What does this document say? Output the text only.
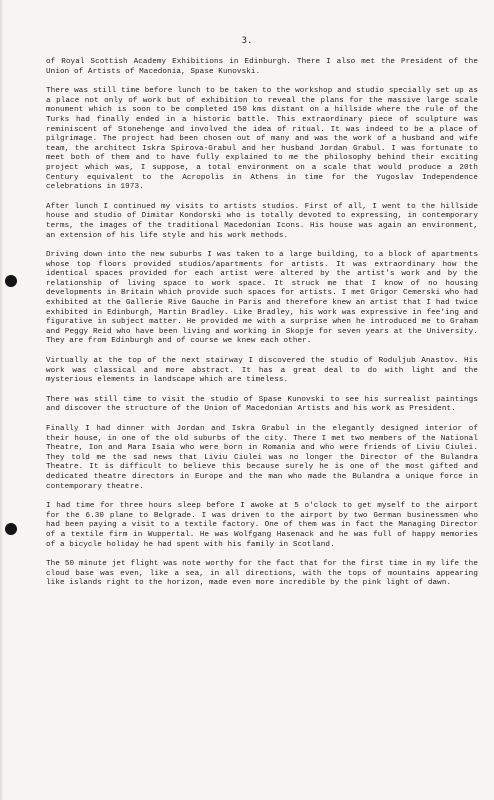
3.

of Royal Scottish Academy Exhibitions in Edinburgh. There I also met the President of the Union of Artists of Macedonia, Spase Kunovski.

There was still time before lunch to be taken to the workshop and studio specially set up as a place not only of work but of exhibition to reveal the plans for the massive large scale monument which is soon to be completed 150 kms distant on a hillside where the rule of the Turks had finally ended in a historic battle. This extraordinary piece of sculpture was reminiscent of Stonehenge and involved the idea of ritual. It was indeed to be a place of pilgrimage. The project had been chosen out of many and was the work of a husband and wife team, the architect Iskra Spirova-Grabul and her husband Jordan Grabul. I was fortunate to meet both of them and to have fully explained to me the philosophy behind their exciting project which was, I suppose, a total environment on a scale that would produce a 20th Century equivalent to the Acropolis in Athens in time for the Yugoslav Independence celebrations in 1973.

After lunch I continued my visits to artists studios. First of all, I went to the hillside house and studio of Dimitar Kondorski who is totally devoted to expressing, in contemporary terms, the images of the traditional Macedonian Icons. His house was again an environment, an extension of his life style and his work methods.

Driving down into the new suburbs I was taken to a large building, to a block of apartments whose top floors provided studios/apartments for artists. It was extraordinary how the identical spaces provided for each artist were altered by the artist's work and by the relationship of living space to work space. It struck me that I know of no housing developments in Britain which provide such spaces for artists. I met Grigor Cemerski who had exhibited at the Gallerie Rive Gauche in Paris and therefore knew an artist that I had twice exhibited in Edinburgh, Martin Bradley. Like Bradley, his work was expressive in fee'ing and figurative in subject matter. He provided me with a surprise when he introduced me to Graham and Peggy Reid who have been living and working in Skopje for seven years at the University. They are from Edinburgh and of course we knew each other.

Virtually at the top of the next stairway I discovered the studio of Roduljub Anastov. His work was classical and more abstract. It has a great deal to do with light and the mysterious elements in landscape which are timeless.

There was still time to visit the studio of Spase Kunovski to see his surrealist paintings and discover the structure of the Union of Macedonian Artists and his work as President.

Finally I had dinner with Jordan and Iskra Grabul in the elegantly designed interior of their house, in one of the old suburbs of the city. There I met two members of the National Theatre, Ion and Mara Isaia who were born in Romania and who were friends of Liviu Ciulei. They told me the sad news that Liviu Ciulei was no longer the Director of the Bulandra Theatre. It is difficult to believe this because surely he is one of the most gifted and dedicated theatre directors in Europe and the man who made the Bulandra a unique force in contemporary theatre.

I had time for three hours sleep before I awoke at 5 o'clock to get myself to the airport for the 6.30 plane to Belgrade. I was driven to the airport by two German businessmen who had been paying a visit to a textile factory. One of them was in fact the Managing Director of a textile firm in Wuppertal. He was Wolfgang Hasenack and he was full of happy memories of a bicycle holiday he had spent with his family in Scotland.

The 50 minute jet flight was note worthy for the fact that for the first time in my life the cloud base was even, like a sea, in all directions, with the tops of mountains appearing like islands right to the horizon, made even more incredible by the pink light of dawn.
